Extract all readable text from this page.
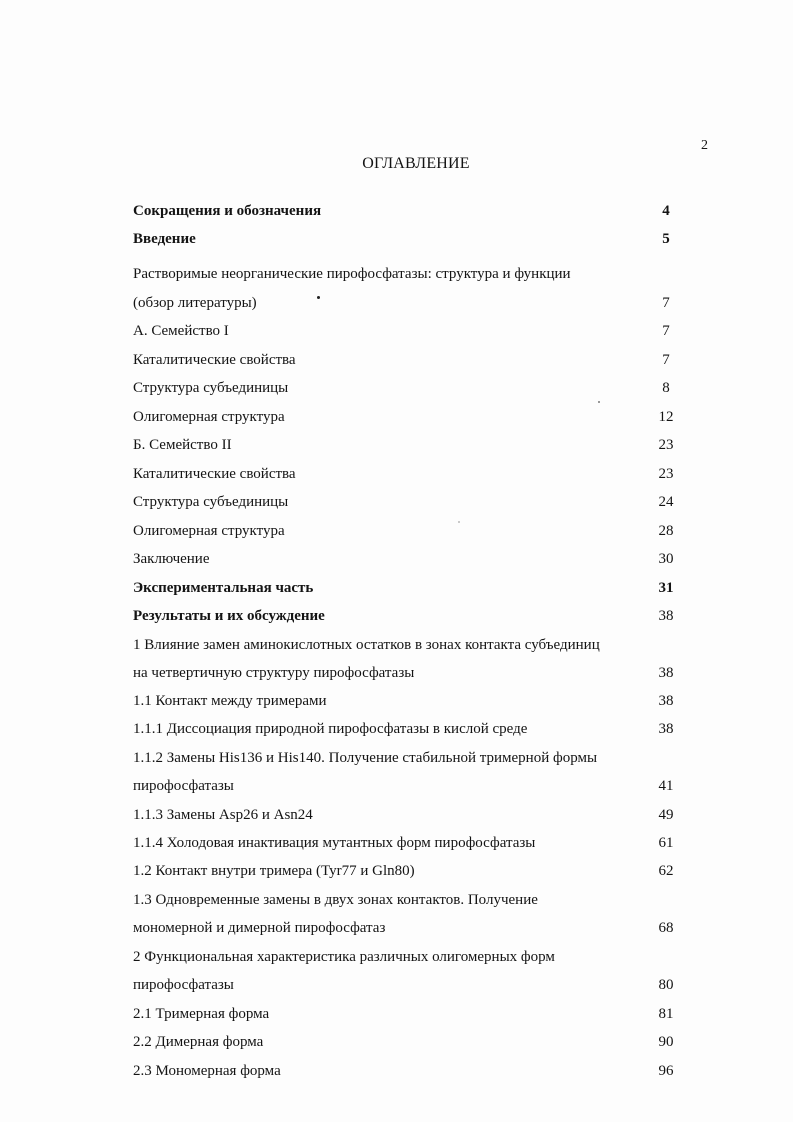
2
ОГЛАВЛЕНИЕ
Сокращения и обозначения	4
Введение	5
Растворимые неорганические пирофосфатазы: структура и функции
(обзор литературы)	7
А. Семейство I	7
Каталитические свойства	7
Структура субъединицы	8
Олигомерная структура	12
Б. Семейство II	23
Каталитические свойства	23
Структура субъединицы	24
Олигомерная структура	28
Заключение	30
Экспериментальная часть	31
Результаты и их обсуждение	38
1 Влияние замен аминокислотных остатков в зонах контакта субъединиц
на четвертичную структуру пирофосфатазы	38
1.1 Контакт между тримерами	38
1.1.1 Диссоциация природной пирофосфатазы в кислой среде	38
1.1.2 Замены His136 и His140. Получение стабильной тримерной формы
пирофосфатазы	41
1.1.3 Замены Asp26 и Asn24	49
1.1.4 Холодовая инактивация мутантных форм пирофосфатазы	61
1.2 Контакт внутри тримера (Tyr77 и Gln80)	62
1.3 Одновременные замены в двух зонах контактов. Получение
мономерной и димерной пирофосфатаз	68
2 Функциональная характеристика различных олигомерных форм
пирофосфатазы	80
2.1 Тримерная форма	81
2.2 Димерная форма	90
2.3 Мономерная форма	96
